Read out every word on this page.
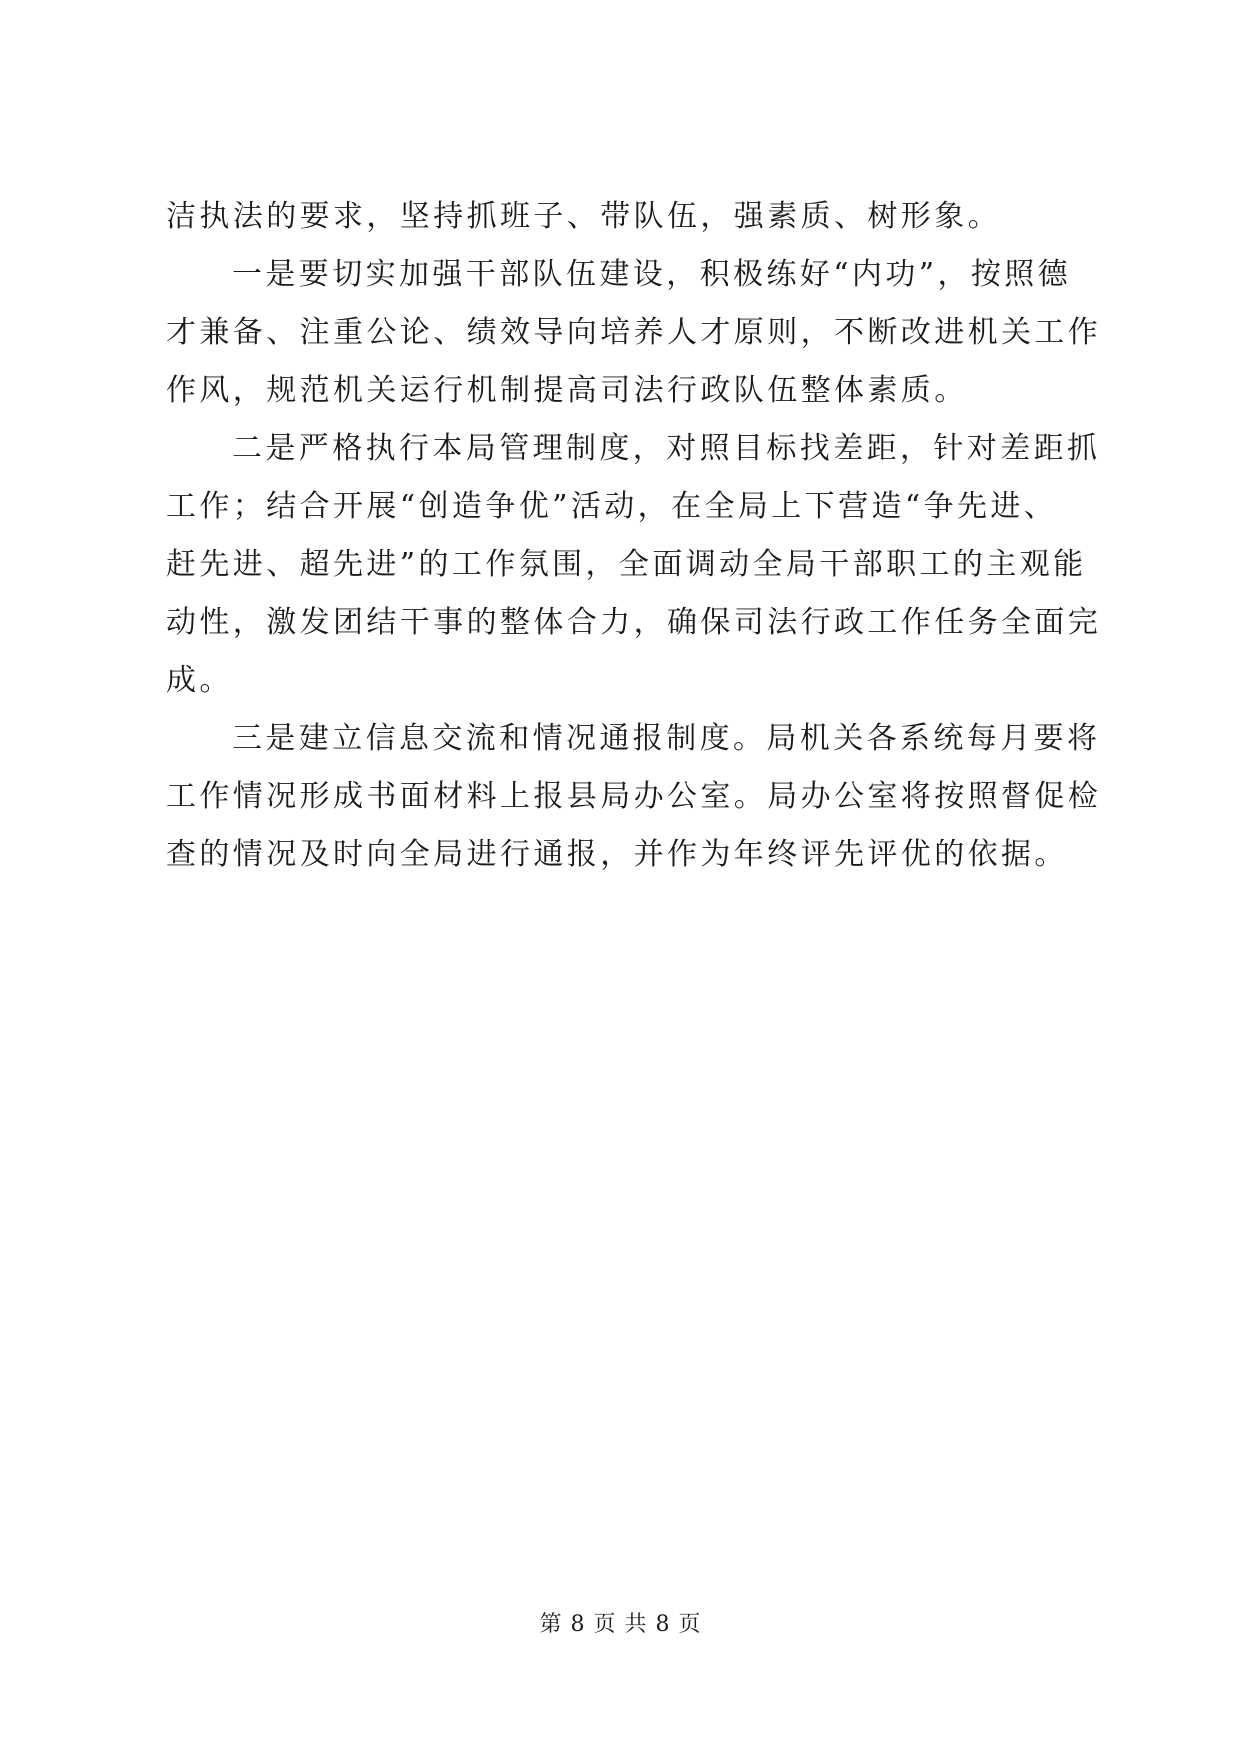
洁执法的要求，坚持抓班子、带队伍，强素质、树形象。
一是要切实加强干部队伍建设，积极练好“内功”，按照德
才兼备、注重公论、绩效导向培养人才原则，不断改进机关工作
作风，规范机关运行机制提高司法行政队伍整体素质。
二是严格执行本局管理制度，对照目标找差距，针对差距抓
工作；结合开展“创造争优”活动，在全局上下营造“争先进、
赶先进、超先进”的工作氛围，全面调动全局干部职工的主观能
动性，激发团结干事的整体合力，确保司法行政工作任务全面完
成。
三是建立信息交流和情况通报制度。局机关各系统每月要将
工作情况形成书面材料上报县局办公室。局办公室将按照督促检
查的情况及时向全局进行通报，并作为年终评先评优的依据。
第 8 页 共 8 页
